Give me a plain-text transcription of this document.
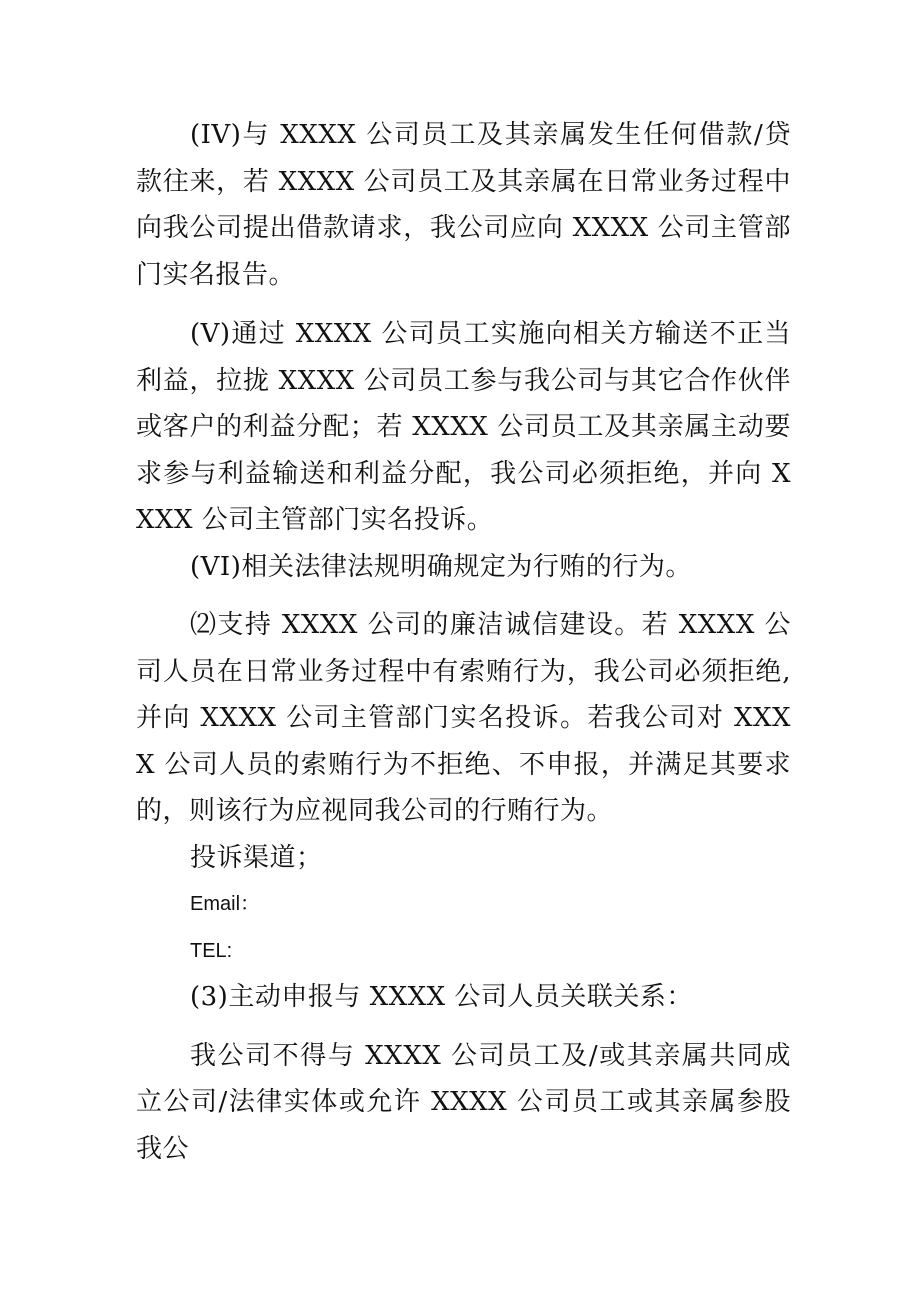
(IV)与 XXXX 公司员工及其亲属发生任何借款/贷款往来，若 XXXX 公司员工及其亲属在日常业务过程中向我公司提出借款请求，我公司应向 XXXX 公司主管部门实名报告。

(V)通过 XXXX 公司员工实施向相关方输送不正当利益，拉拢 XXXX 公司员工参与我公司与其它合作伙伴或客户的利益分配；若 XXXX 公司员工及其亲属主动要求参与利益输送和利益分配，我公司必须拒绝，并向 XXXX 公司主管部门实名投诉。

(VI)相关法律法规明确规定为行贿的行为。

⑵支持 XXXX 公司的廉洁诚信建设。若 XXXX 公司人员在日常业务过程中有索贿行为，我公司必须拒绝,并向 XXXX 公司主管部门实名投诉。若我公司对 XXXX 公司人员的索贿行为不拒绝、不申报，并满足其要求的，则该行为应视同我公司的行贿行为。

投诉渠道；

Email：

TEL:

(3)主动申报与 XXXX 公司人员关联关系：

我公司不得与 XXXX 公司员工及/或其亲属共同成立公司/法律实体或允许 XXXX 公司员工或其亲属参股我公
